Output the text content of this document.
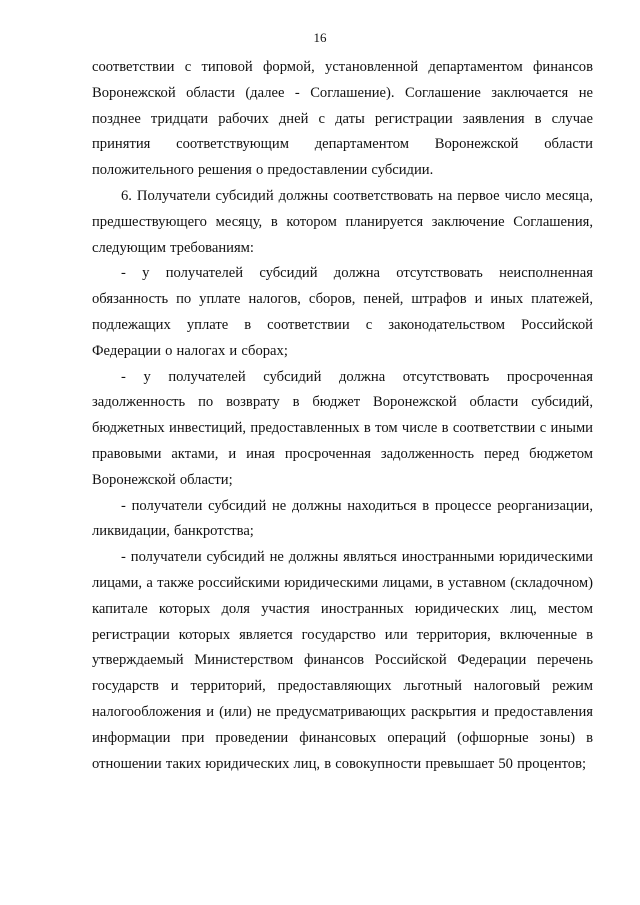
16

соответствии с типовой формой, установленной департаментом финансов Воронежской области (далее - Соглашение). Соглашение заключается не позднее тридцати рабочих дней с даты регистрации заявления в случае принятия соответствующим департаментом Воронежской области положительного решения о предоставлении субсидии.

6. Получатели субсидий должны соответствовать на первое число месяца, предшествующего месяцу, в котором планируется заключение Соглашения, следующим требованиям:

- у получателей субсидий должна отсутствовать неисполненная обязанность по уплате налогов, сборов, пеней, штрафов и иных платежей, подлежащих уплате в соответствии с законодательством Российской Федерации о налогах и сборах;

- у получателей субсидий должна отсутствовать просроченная задолженность по возврату в бюджет Воронежской области субсидий, бюджетных инвестиций, предоставленных в том числе в соответствии с иными правовыми актами, и иная просроченная задолженность перед бюджетом Воронежской области;

- получатели субсидий не должны находиться в процессе реорганизации, ликвидации, банкротства;

- получатели субсидий не должны являться иностранными юридическими лицами, а также российскими юридическими лицами, в уставном (складочном) капитале которых доля участия иностранных юридических лиц, местом регистрации которых является государство или территория, включенные в утверждаемый Министерством финансов Российской Федерации перечень государств и территорий, предоставляющих льготный налоговый режим налогообложения и (или) не предусматривающих раскрытия и предоставления информации при проведении финансовых операций (офшорные зоны) в отношении таких юридических лиц, в совокупности превышает 50 процентов;
